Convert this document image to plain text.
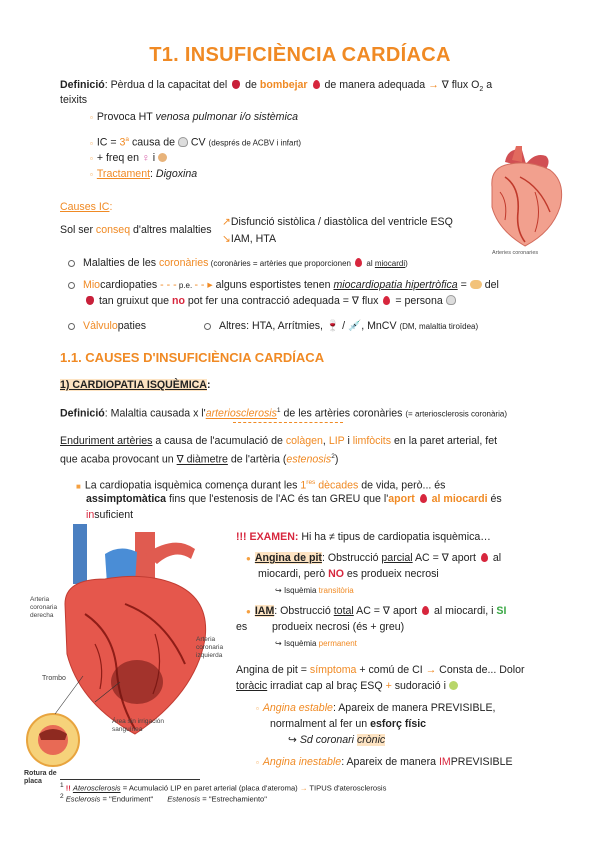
T1. INSUFICIÈNCIA CARDÍACA
Definició: Pèrdua d la capacitat del de bombejar de manera adequada → ∇ flux $O_2$ a
teixits
▫ Provoca HT venosa pulmonar i/o sistèmica
▫ IC = $3^a$ causa de  CV (després de ACBV i infart)
▫ + freq en ♀ i
▫ Tractament: Digoxina
Arteries coronaries
Causes IC:
Sol ser conseq d'altres malalties
↗Disfunció sistòlica / diastòlica del ventricle ESQ
↘IAM, HTA
Malalties de les coronàries (coronàries = artèries que proporcionen  al miocardi)
Miocardiopaties - - - p.e. - - ▸ alguns esportistes tenen miocardiopatia hipertròfica =  del
tan gruixut que no pot fer una contracció adequada = ∇ flux  = persona
Vàlvulopaties	Altres: HTA, Arrítmies, 🍷 / 💉, MnCV (DM, malaltia tiroïdea)
1.1. CAUSES D'INSUFICIÈNCIA CARDÍACA
1) CARDIOPATIA ISQUÈMICA:
Definició: Malaltia causada x l'arteriosclerosis$^1$ de les artèries coronàries (= arteriosclerosis coronària)
Enduriment artèries a causa de l'acumulació de colàgen, LIP i limfòcits en la paret arterial, fet
que acaba provocant un ∇ diàmetre de l'artèria (estenosis$^2$)
■ La cardiopatia isquèmica comença durant les 1res dècades de vida, però... és
assimptomàtica fins que l'estenosis de l'AC és tan GREU que l'aport  al miocardi és
insuficient
Arteria coronaria derecha
Arteria coronaria izquierda
Trombo
Área sin irrigación sanguínea
Rotura de placa
!!! EXAMEN: Hi ha ≠ tipus de cardiopatia isquèmica…
● Angina de pit: Obstrucció parcial AC = ∇ aport  al
miocardi, però NO es produeix necrosi
↪ Isquèmia transitòria
● IAM: Obstrucció total AC = ∇ aport  al miocardi, i SI
es produeix necrosi (és + greu)
↪ Isquèmia permanent
Angina de pit = símptoma + comú de CI → Consta de... Dolor
toràcic irradiat cap al braç ESQ + sudoració i
▫ Angina estable: Apareix de manera PREVISIBLE,
normalment al fer un esforç físic
↪ Sd coronari crònic
▫ Angina inestable: Apareix de manera IMPREVISIBLE
1 !! Aterosclerosis = Acumulació LIP en paret arterial (placa d'ateroma) → TIPUS d'aterosclerosis
2 Esclerosis = "Enduriment" Estenosis = "Estrechamiento"
